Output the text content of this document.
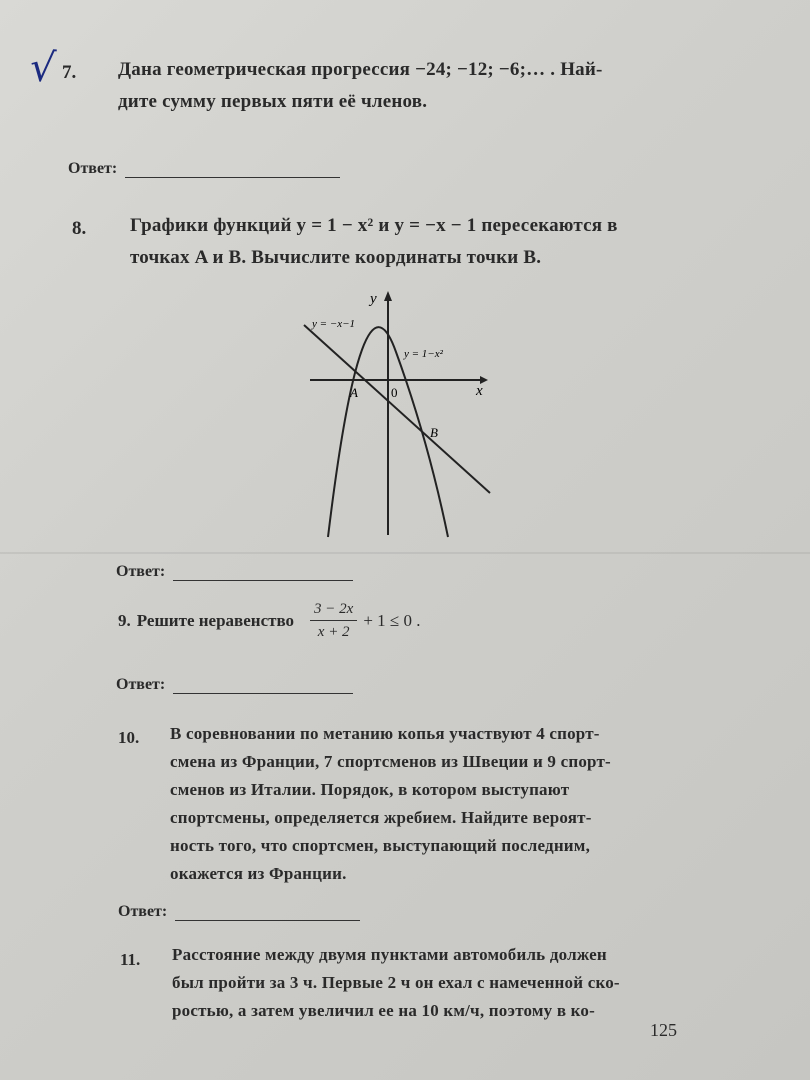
√ 7. Дана геометрическая прогрессия −24; −12; −6;… . Най-
дите сумму первых пяти её членов.
Ответ:
8. Графики функций y = 1 − x² и y = −x − 1 пересекаются в
точках A и B. Вычислите координаты точки B.
x
y
0
A
B
y = −x−1
y = 1−x²
Ответ:
9. Решите неравенство $\frac{3 - 2x}{x + 2} + 1 \le 0$ .
Ответ:
10. В соревновании по метанию копья участвуют 4 спорт-
смена из Франции, 7 спортсменов из Швеции и 9 спорт-
сменов из Италии. Порядок, в котором выступают
спортсмены, определяется жребием. Найдите вероят-
ность того, что спортсмен, выступающий последним,
окажется из Франции.
Ответ:
11. Расстояние между двумя пунктами автомобиль должен
был пройти за 3 ч. Первые 2 ч он ехал с намеченной ско-
ростью, а затем увеличил ее на 10 км/ч, поэтому в ко-
125
